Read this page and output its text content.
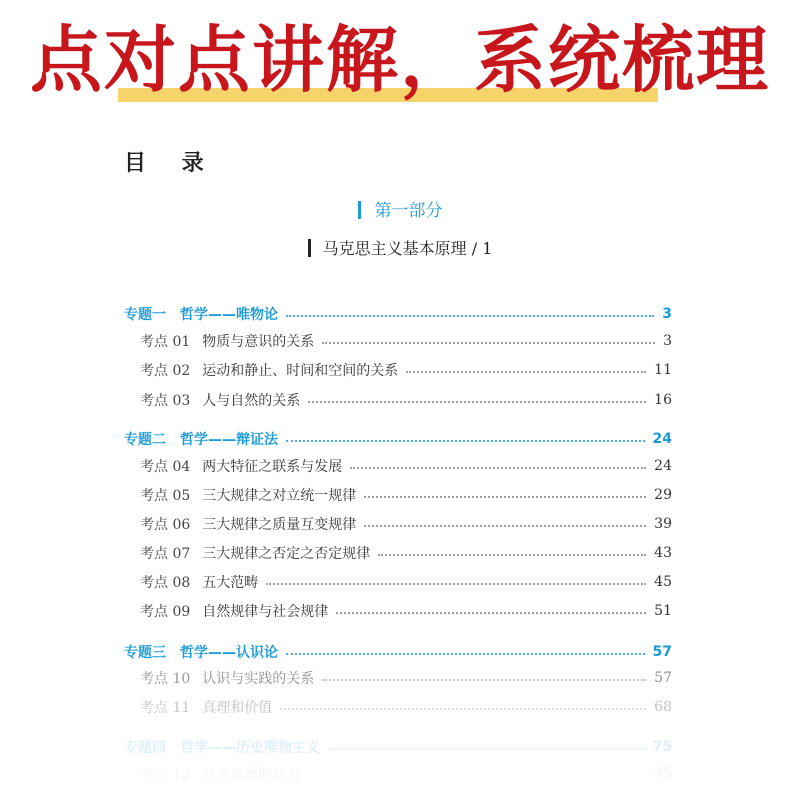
点对点讲解，系统梳理
目 录
第一部分
马克思主义基本原理 / 1
专题一　哲学——唯物论	3
考点 01 物质与意识的关系	3
考点 02 运动和静止、时间和空间的关系	11
考点 03 人与自然的关系	16
专题二　哲学——辩证法	24
考点 04 两大特征之联系与发展	24
考点 05 三大规律之对立统一规律	29
考点 06 三大规律之质量互变规律	39
考点 07 三大规律之否定之否定规律	43
考点 08 五大范畴	45
考点 09 自然规律与社会规律	51
专题三　哲学——认识论	57
考点 10 认识与实践的关系	57
考点 11 真理和价值	68
专题四　哲学——历史唯物主义	75
考点 12 社会发展的动力	75
